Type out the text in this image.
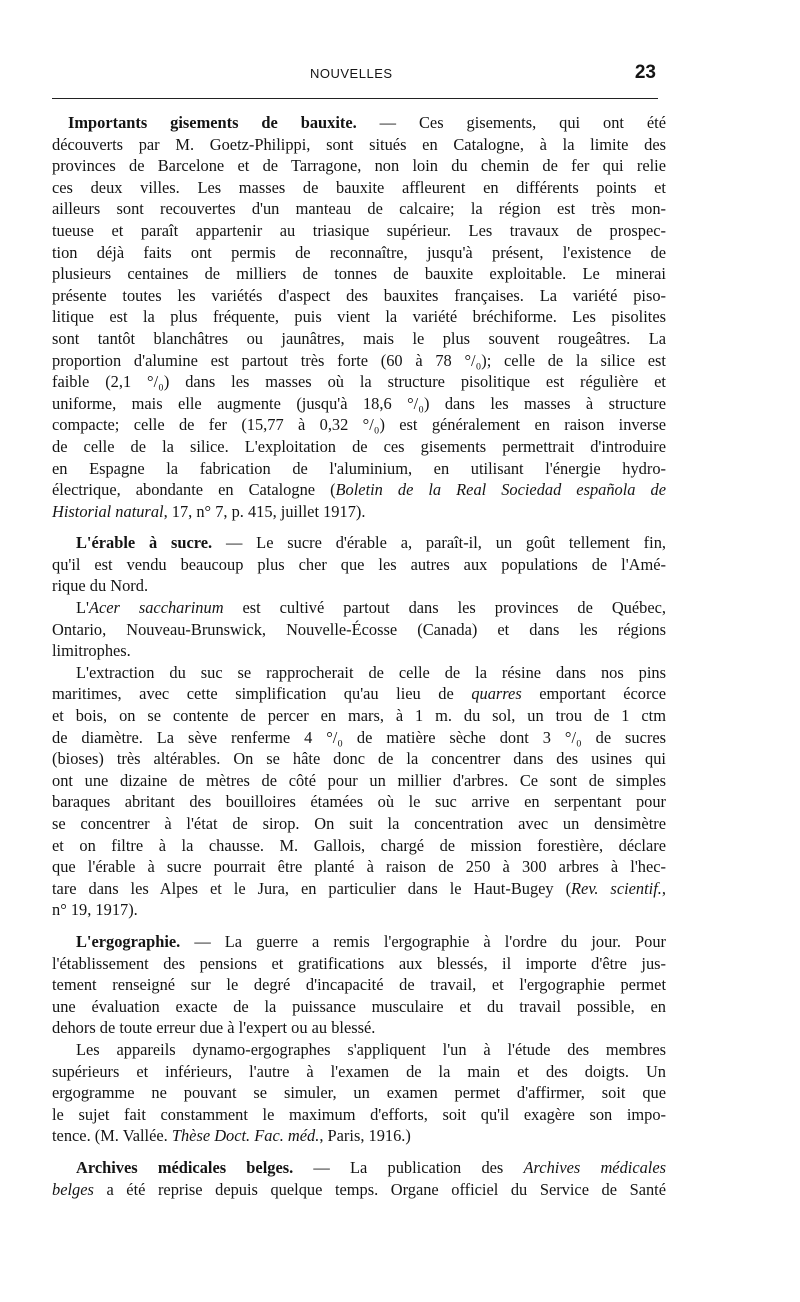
NOUVELLES	23
Importants gisements de bauxite. — Ces gisements, qui ont été
découverts par M. Goetz-Philippi, sont situés en Catalogne, à la limite des
provinces de Barcelone et de Tarragone, non loin du chemin de fer qui relie
ces deux villes. Les masses de bauxite affleurent en différents points et
ailleurs sont recouvertes d'un manteau de calcaire; la région est très mon-
tueuse et paraît appartenir au triasique supérieur. Les travaux de prospec-
tion déjà faits ont permis de reconnaître, jusqu'à présent, l'existence de
plusieurs centaines de milliers de tonnes de bauxite exploitable. Le minerai
présente toutes les variétés d'aspect des bauxites françaises. La variété piso-
litique est la plus fréquente, puis vient la variété bréchiforme. Les pisolites
sont tantôt blanchâtres ou jaunâtres, mais le plus souvent rougeâtres. La
proportion d'alumine est partout très forte (60 à 78 °/₀); celle de la silice est
faible (2,1 °/₀) dans les masses où la structure pisolitique est régulière et
uniforme, mais elle augmente (jusqu'à 18,6 °/₀) dans les masses à structure
compacte; celle de fer (15,77 à 0,32 °/₀) est généralement en raison inverse
de celle de la silice. L'exploitation de ces gisements permettrait d'introduire
en Espagne la fabrication de l'aluminium, en utilisant l'énergie hydro-
électrique, abondante en Catalogne (Boletin de la Real Sociedad española de
Historial natural, 17, n° 7, p. 415, juillet 1917).
L'érable à sucre. — Le sucre d'érable a, paraît-il, un goût tellement fin,
qu'il est vendu beaucoup plus cher que les autres aux populations de l'Amé-
rique du Nord.
L'Acer saccharinum est cultivé partout dans les provinces de Québec,
Ontario, Nouveau-Brunswick, Nouvelle-Écosse (Canada) et dans les régions
limitrophes.
L'extraction du suc se rapprocherait de celle de la résine dans nos pins
maritimes, avec cette simplification qu'au lieu de quarres emportant écorce
et bois, on se contente de percer en mars, à 1 m. du sol, un trou de 1 ctm
de diamètre. La sève renferme 4 °/₀ de matière sèche dont 3 °/₀ de sucres
(bioses) très altérables. On se hâte donc de la concentrer dans des usines qui
ont une dizaine de mètres de côté pour un millier d'arbres. Ce sont de simples
baraques abritant des bouilloires étamées où le suc arrive en serpentant pour
se concentrer à l'état de sirop. On suit la concentration avec un densimètre
et on filtre à la chausse. M. Gallois, chargé de mission forestière, déclare
que l'érable à sucre pourrait être planté à raison de 250 à 300 arbres à l'hec-
tare dans les Alpes et le Jura, en particulier dans le Haut-Bugey (Rev. scientif.,
n° 19, 1917).
L'ergographie. — La guerre a remis l'ergographie à l'ordre du jour. Pour
l'établissement des pensions et gratifications aux blessés, il importe d'être jus-
tement renseigné sur le degré d'incapacité de travail, et l'ergographie permet
une évaluation exacte de la puissance musculaire et du travail possible, en
dehors de toute erreur due à l'expert ou au blessé.
Les appareils dynamo-ergographes s'appliquent l'un à l'étude des membres
supérieurs et inférieurs, l'autre à l'examen de la main et des doigts. Un
ergogramme ne pouvant se simuler, un examen permet d'affirmer, soit que
le sujet fait constamment le maximum d'efforts, soit qu'il exagère son impo-
tence. (M. Vallée. Thèse Doct. Fac. méd., Paris, 1916.)
Archives médicales belges. — La publication des Archives médicales
belges a été reprise depuis quelque temps. Organe officiel du Service de Santé
